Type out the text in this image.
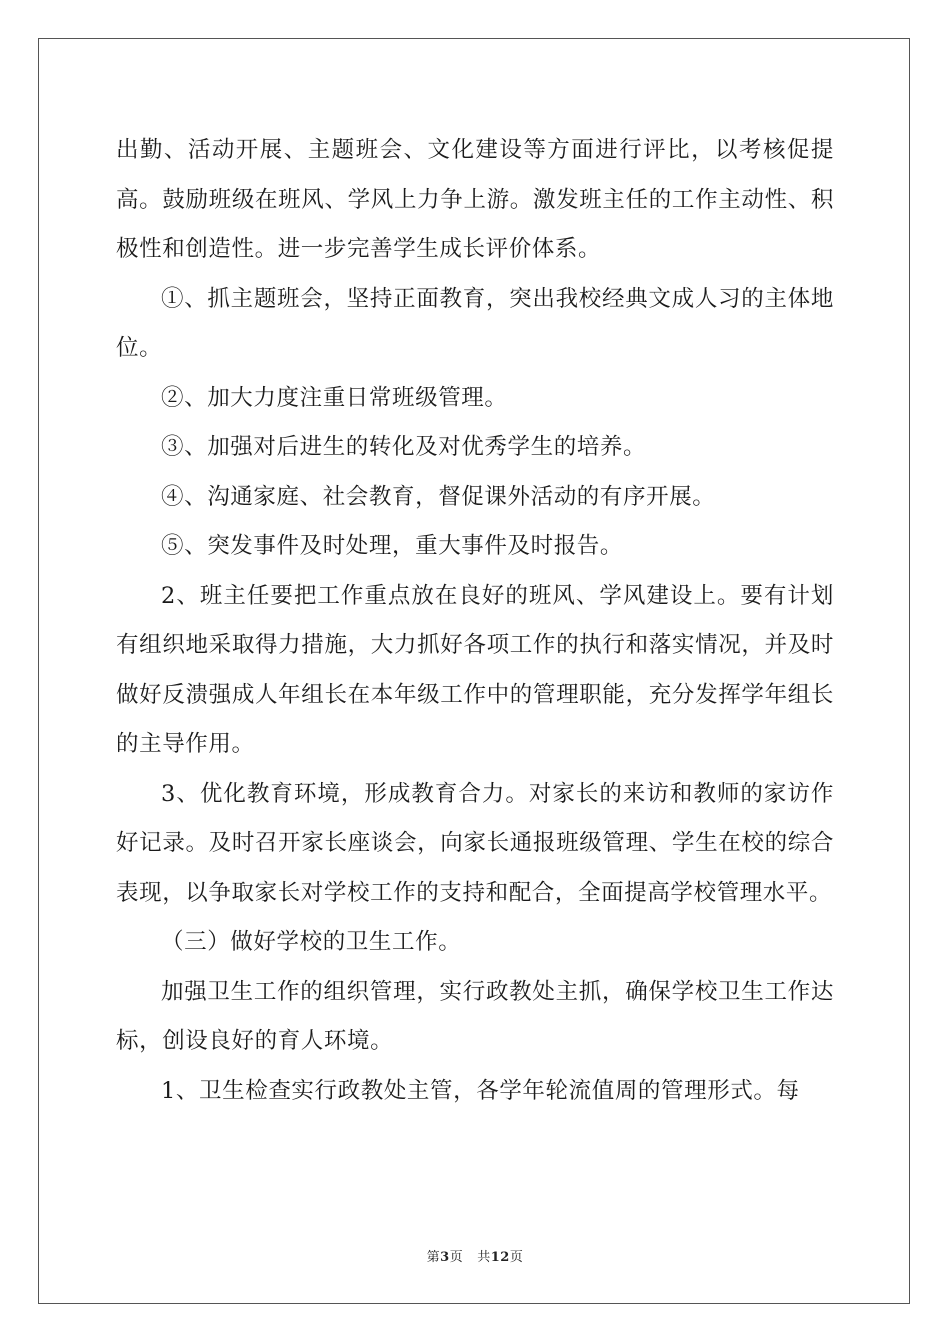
出勤、活动开展、主题班会、文化建设等方面进行评比，以考核促提高。鼓励班级在班风、学风上力争上游。激发班主任的工作主动性、积极性和创造性。进一步完善学生成长评价体系。

①、抓主题班会，坚持正面教育，突出我校经典文成人习的主体地位。

②、加大力度注重日常班级管理。

③、加强对后进生的转化及对优秀学生的培养。

④、沟通家庭、社会教育，督促课外活动的有序开展。

⑤、突发事件及时处理，重大事件及时报告。

2、班主任要把工作重点放在良好的班风、学风建设上。要有计划有组织地采取得力措施，大力抓好各项工作的执行和落实情况，并及时做好反溃强成人年组长在本年级工作中的管理职能，充分发挥学年组长的主导作用。

3、优化教育环境，形成教育合力。对家长的来访和教师的家访作好记录。及时召开家长座谈会，向家长通报班级管理、学生在校的综合表现，以争取家长对学校工作的支持和配合，全面提高学校管理水平。

（三）做好学校的卫生工作。

加强卫生工作的组织管理，实行政教处主抓，确保学校卫生工作达标，创设良好的育人环境。

1、卫生检查实行政教处主管，各学年轮流值周的管理形式。每

第3页 共12页
